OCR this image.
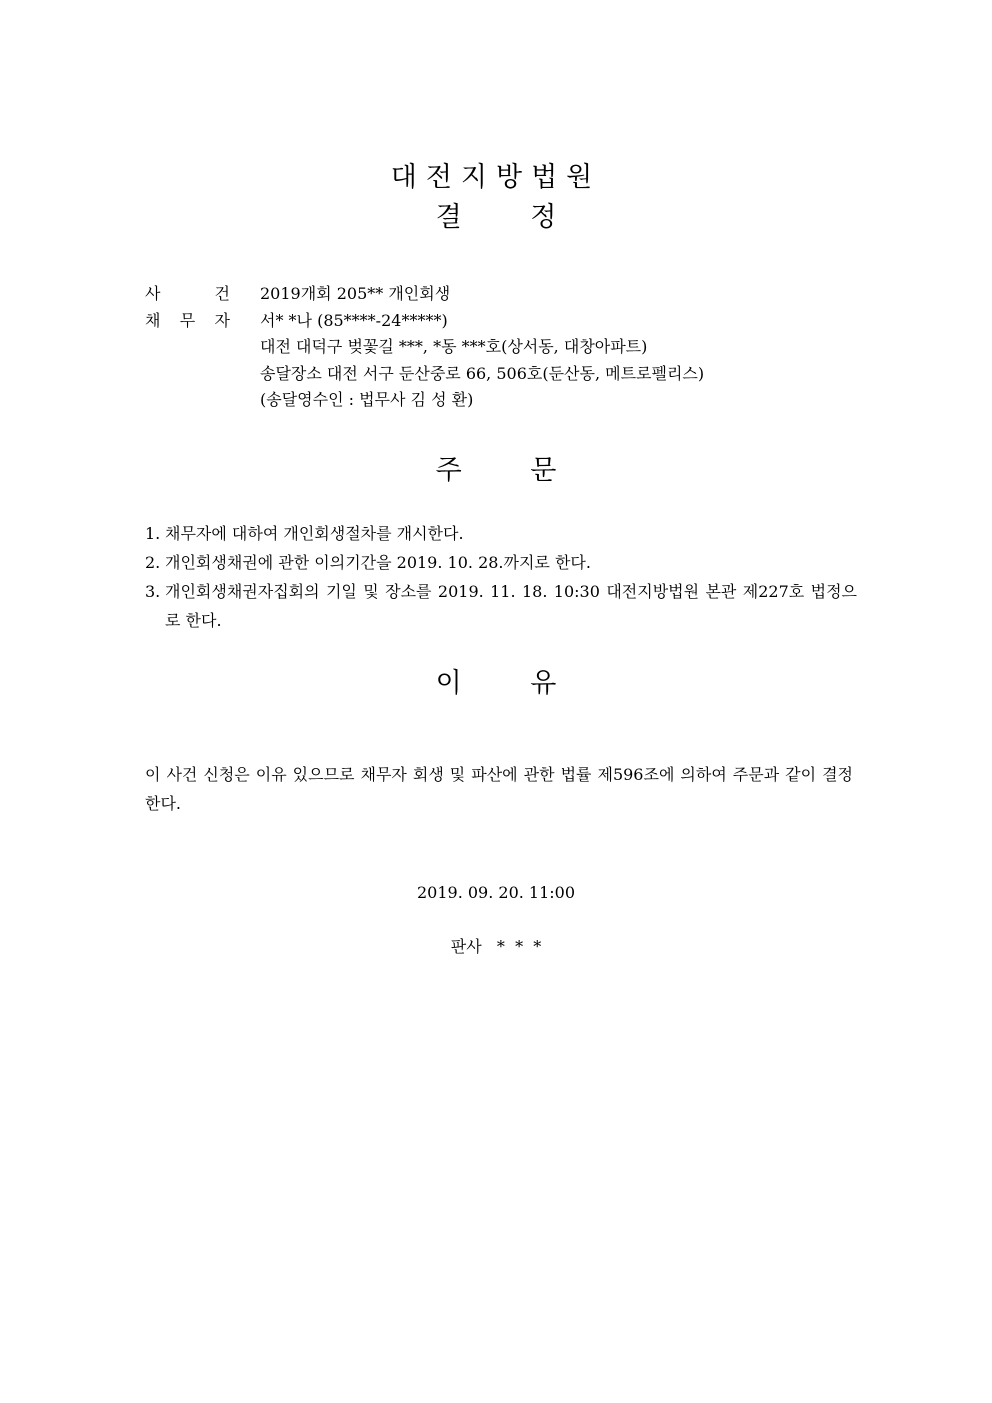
대전지방법원
결 정
사	건 2019개회 205** 개인회생
채 무 자 서* *나 (85****-24*****)
대전 대덕구 벚꽃길 ***, *동 ***호(상서동, 대창아파트)
송달장소 대전 서구 둔산중로 66, 506호(둔산동, 메트로펠리스)
(송달영수인 : 법무사 김 성 환)
주 문
1. 채무자에 대하여 개인회생절차를 개시한다.
2. 개인회생채권에 관한 이의기간을 2019. 10. 28.까지로 한다.
3. 개인회생채권자집회의 기일 및 장소를 2019. 11. 18. 10:30 대전지방법원 본관 제227호 법정으로 한다.
이 유
이 사건 신청은 이유 있으므로 채무자 회생 및 파산에 관한 법률 제596조에 의하여 주문과 같이 결정한다.
2019. 09. 20. 11:00
판사   *  *  *
